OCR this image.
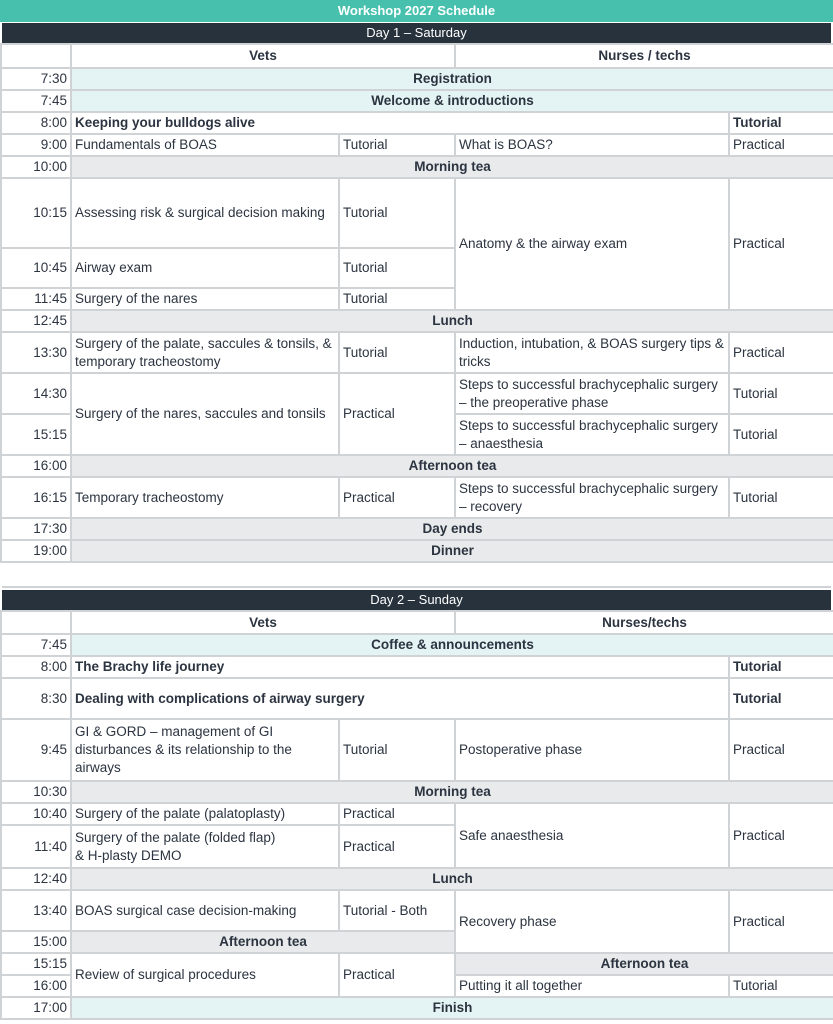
Workshop 2027 Schedule
Day 1 – Saturday
	Vets		Nurses / techs	
7:30	Registration			
7:45	Welcome & introductions			
8:00	Keeping your bulldogs alive			Tutorial
9:00	Fundamentals of BOAS	Tutorial	What is BOAS?	Practical
10:00	Morning tea			
10:15	Assessing risk & surgical decision making	Tutorial	Anatomy & the airway exam	Practical
10:45	Airway exam	Tutorial		
11:45	Surgery of the nares	Tutorial		
12:45	Lunch			
13:30	Surgery of the palate, saccules & tonsils, & temporary tracheostomy	Tutorial	Induction, intubation, & BOAS surgery tips & tricks	Practical
14:30	Surgery of the nares, saccules and tonsils	Practical	Steps to successful brachycephalic surgery – the preoperative phase	Tutorial
15:15			Steps to successful brachycephalic surgery – anaesthesia	Tutorial
16:00	Afternoon tea			
16:15	Temporary tracheostomy	Practical	Steps to successful brachycephalic surgery – recovery	Tutorial
17:30	Day ends			
19:00	Dinner			
Day 2 – Sunday
	Vets		Nurses/techs	
7:45	Coffee & announcements			
8:00	The Brachy life journey			Tutorial
8:30	Dealing with complications of airway surgery			Tutorial
9:45	GI & GORD – management of GI disturbances & its relationship to the airways	Tutorial	Postoperative phase	Practical
10:30	Morning tea			
10:40	Surgery of the palate (palatoplasty)	Practical	Safe anaesthesia	Practical
11:40	Surgery of the palate (folded flap)
& H-plasty DEMO	Practical		
12:40	Lunch			
13:40	BOAS surgical case decision-making	Tutorial - Both	Recovery phase	Practical
15:00	Afternoon tea			
15:15	Review of surgical procedures	Practical	Afternoon tea	
16:00			Putting it all together	Tutorial
17:00	Finish			
